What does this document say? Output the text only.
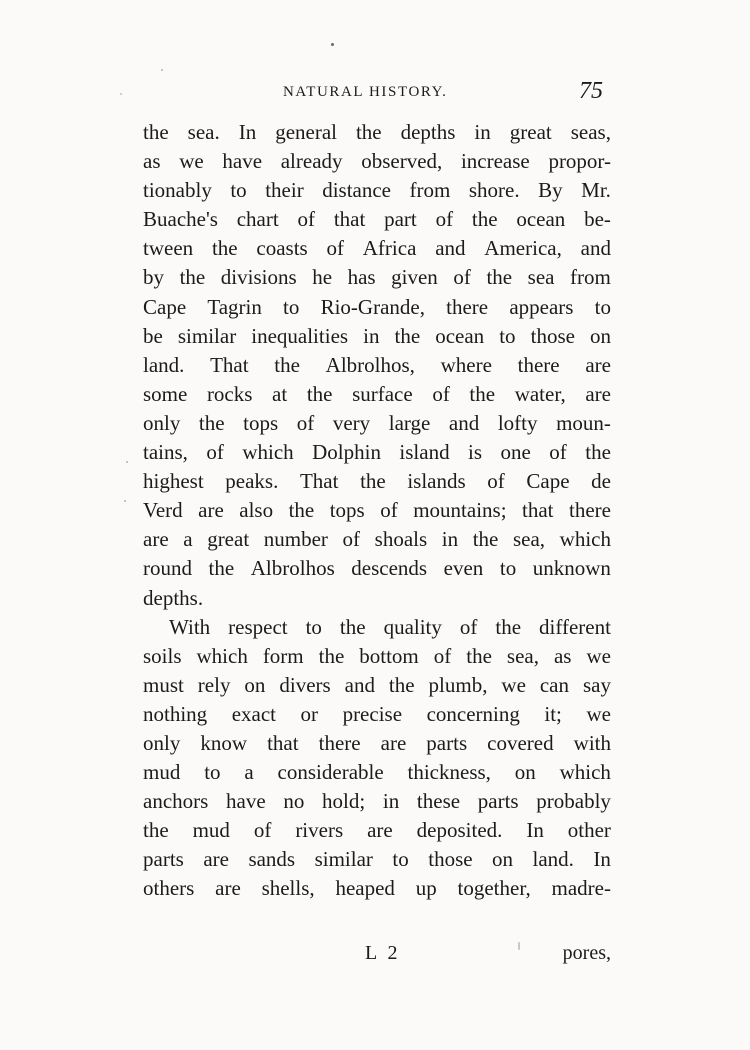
NATURAL HISTORY.	75
the sea. In general the depths in great seas,
as we have already observed, increase propor-
tionably to their distance from shore. By Mr.
Buache's chart of that part of the ocean be-
tween the coasts of Africa and America, and
by the divisions he has given of the sea from
Cape Tagrin to Rio-Grande, there appears to
be similar inequalities in the ocean to those on
land. That the Albrolhos, where there are
some rocks at the surface of the water, are
only the tops of very large and lofty moun-
tains, of which Dolphin island is one of the
highest peaks. That the islands of Cape de
Verd are also the tops of mountains; that there
are a great number of shoals in the sea, which
round the Albrolhos descends even to unknown
depths.
With respect to the quality of the different
soils which form the bottom of the sea, as we
must rely on divers and the plumb, we can say
nothing exact or precise concerning it; we
only know that there are parts covered with
mud to a considerable thickness, on which
anchors have no hold; in these parts probably
the mud of rivers are deposited. In other
parts are sands similar to those on land. In
others are shells, heaped up together, madre-
L 2	pores,
